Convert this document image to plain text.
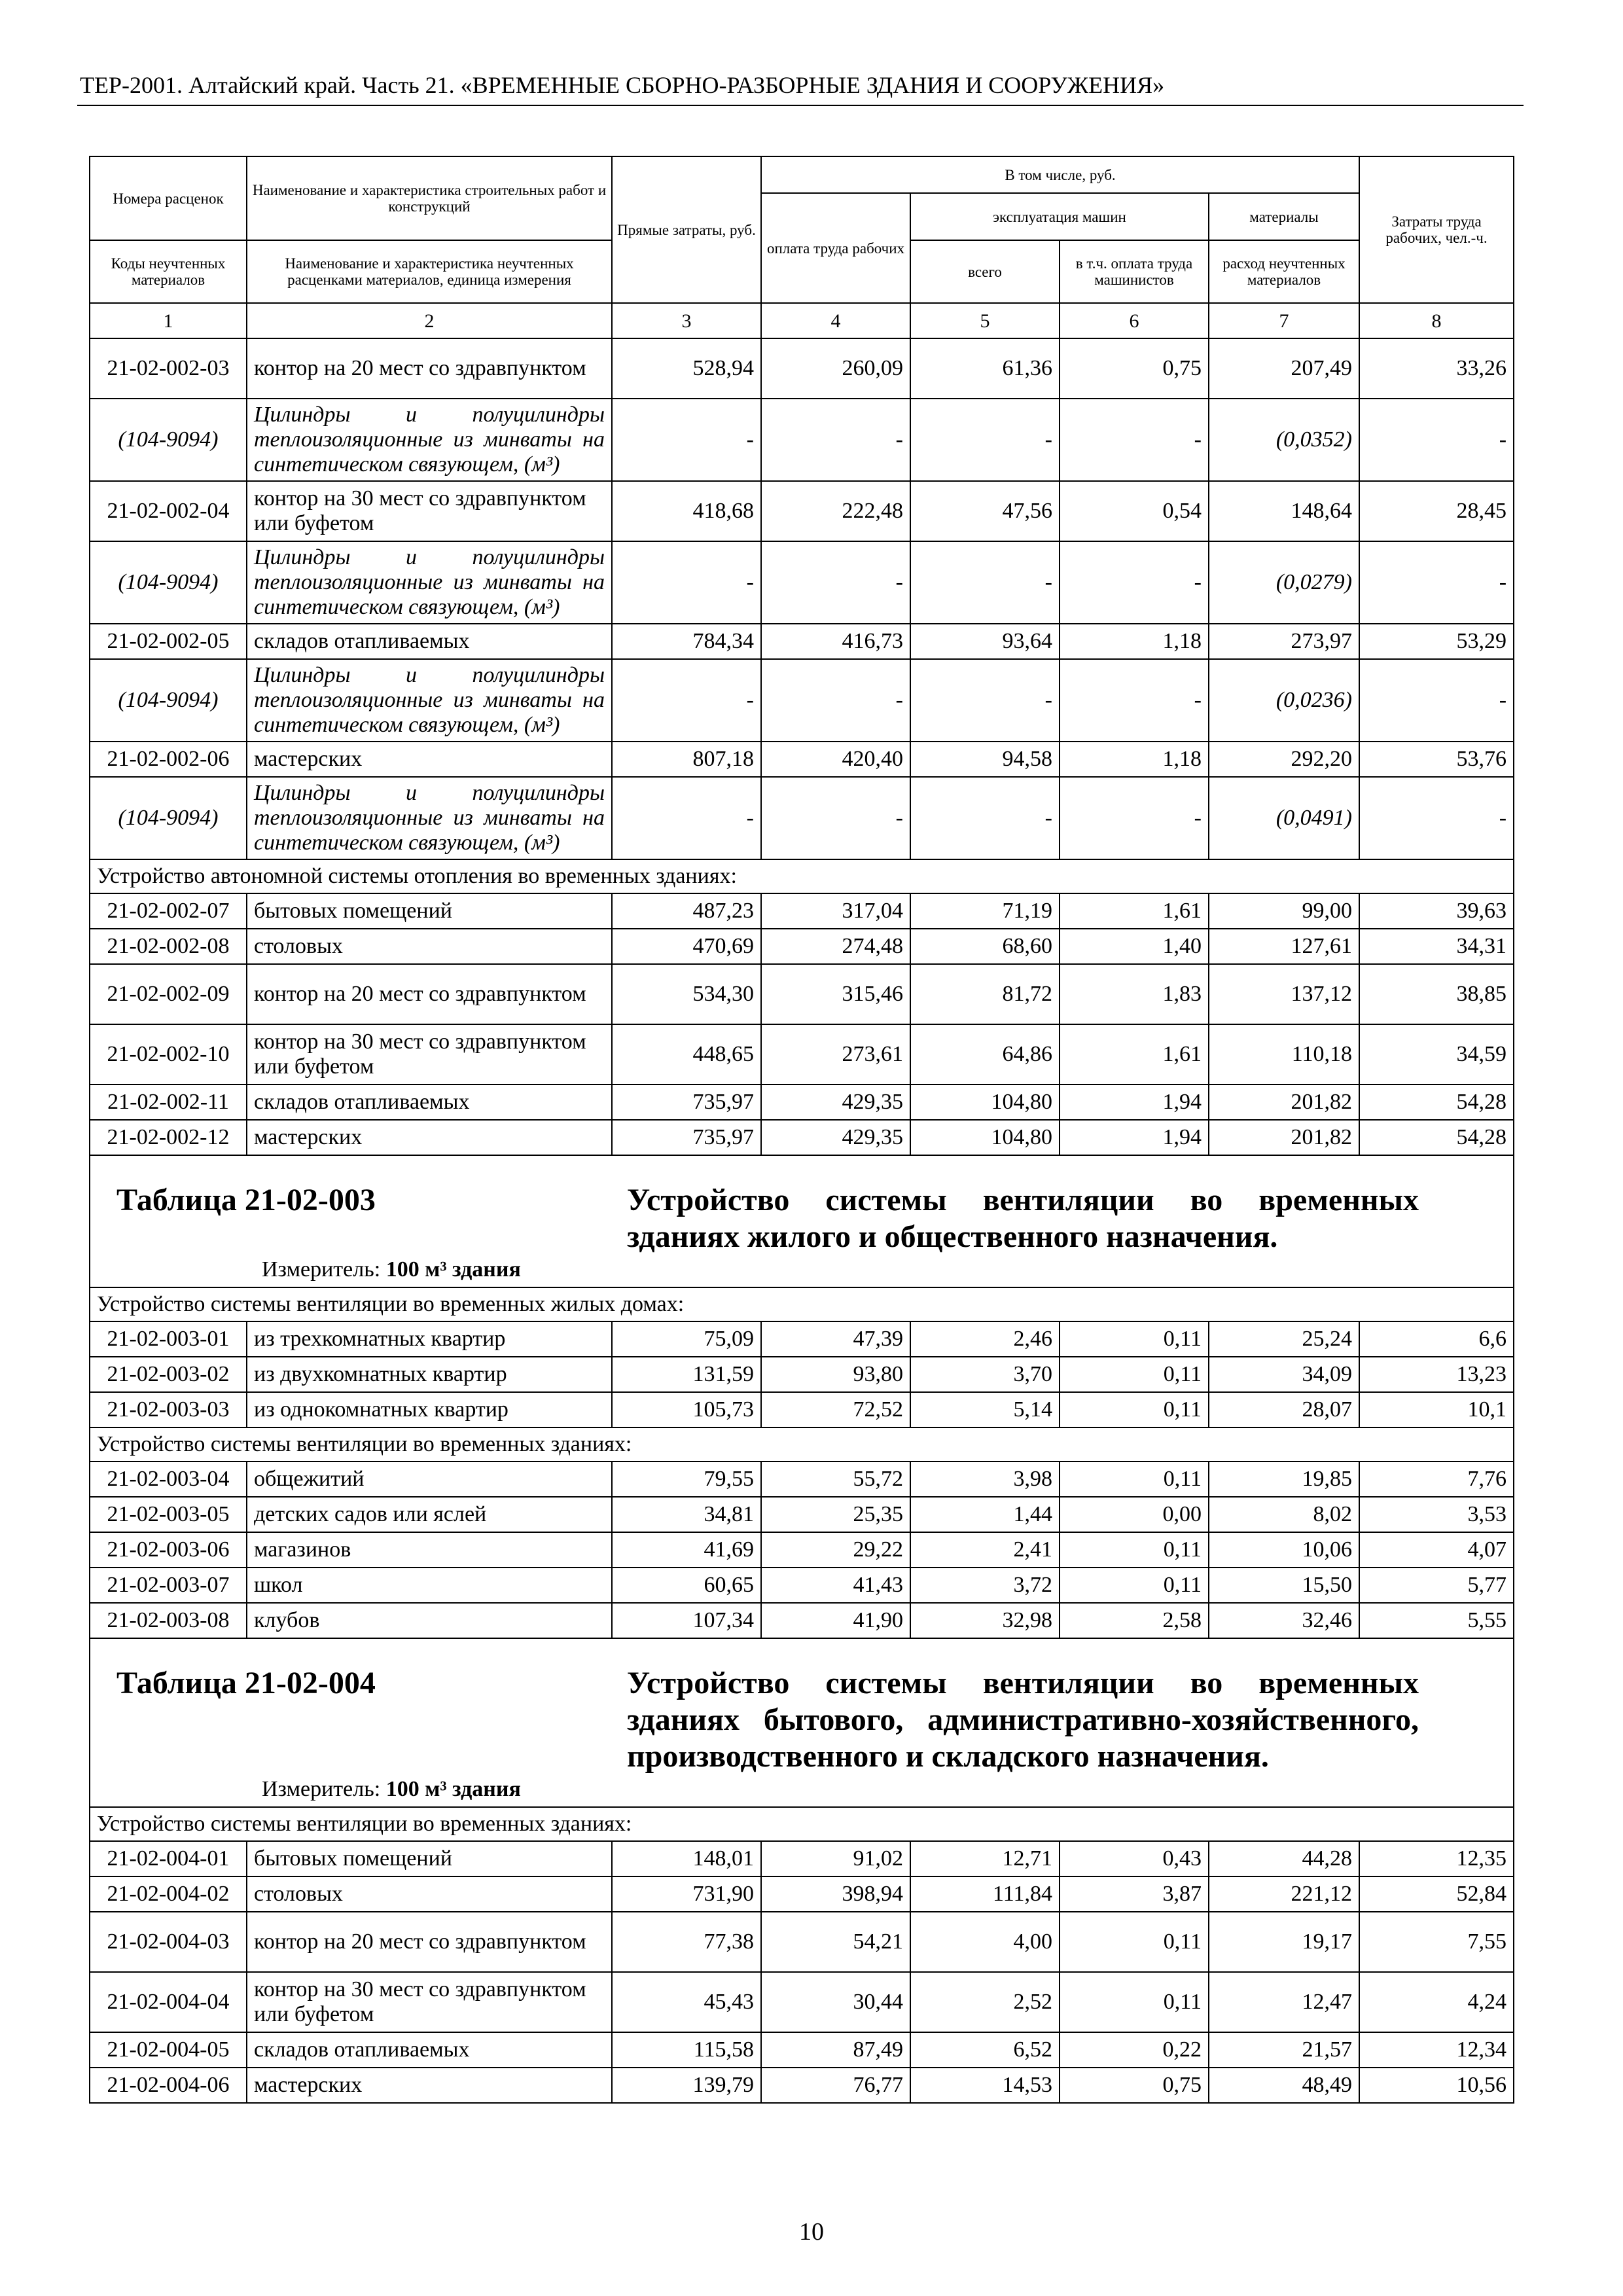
ТЕР-2001. Алтайский край. Часть 21. «ВРЕМЕННЫЕ СБОРНО-РАЗБОРНЫЕ ЗДАНИЯ И СООРУЖЕНИЯ»
Номера расценок	Наименование и характеристика строительных работ и конструкций	Прямые затраты, руб.	В том числе, руб.				Затраты труда рабочих, чел.-ч.
			оплата труда рабочих	эксплуатация машин		материалы	
Коды неучтенных материалов	Наименование и характеристика неучтенных расценками материалов, единица измерения			всего	в т.ч. оплата труда машинистов	расход неучтенных материалов	
1	2	3	4	5	6	7	8
21-02-002-03	контор на 20 мест со здравпунктом	528,94	260,09	61,36	0,75	207,49	33,26
(104-9094)	Цилиндры и полуцилиндры теплоизоляционные из минваты на синтетическом связующем, (м³)	-	-	-	-	(0,0352)	-
21-02-002-04	контор на 30 мест со здравпунктом или буфетом	418,68	222,48	47,56	0,54	148,64	28,45
(104-9094)	Цилиндры и полуцилиндры теплоизоляционные из минваты на синтетическом связующем, (м³)	-	-	-	-	(0,0279)	-
21-02-002-05	складов отапливаемых	784,34	416,73	93,64	1,18	273,97	53,29
(104-9094)	Цилиндры и полуцилиндры теплоизоляционные из минваты на синтетическом связующем, (м³)	-	-	-	-	(0,0236)	-
21-02-002-06	мастерских	807,18	420,40	94,58	1,18	292,20	53,76
(104-9094)	Цилиндры и полуцилиндры теплоизоляционные из минваты на синтетическом связующем, (м³)	-	-	-	-	(0,0491)	-
Устройство автономной системы отопления во временных зданиях:							
21-02-002-07	бытовых помещений	487,23	317,04	71,19	1,61	99,00	39,63
21-02-002-08	столовых	470,69	274,48	68,60	1,40	127,61	34,31
21-02-002-09	контор на 20 мест со здравпунктом	534,30	315,46	81,72	1,83	137,12	38,85
21-02-002-10	контор на 30 мест со здравпунктом или буфетом	448,65	273,61	64,86	1,61	110,18	34,59
21-02-002-11	складов отапливаемых	735,97	429,35	104,80	1,94	201,82	54,28
21-02-002-12	мастерских	735,97	429,35	104,80	1,94	201,82	54,28

Таблица 21-02-003 Устройство системы вентиляции во временных зданиях жилого и общественного назначения.
Измеритель: 100 м³ здания							

Устройство системы вентиляции во временных жилых домах:							
21-02-003-01	из трехкомнатных квартир	75,09	47,39	2,46	0,11	25,24	6,6
21-02-003-02	из двухкомнатных квартир	131,59	93,80	3,70	0,11	34,09	13,23
21-02-003-03	из однокомнатных квартир	105,73	72,52	5,14	0,11	28,07	10,1
Устройство системы вентиляции во временных зданиях:							
21-02-003-04	общежитий	79,55	55,72	3,98	0,11	19,85	7,76
21-02-003-05	детских садов или яслей	34,81	25,35	1,44	0,00	8,02	3,53
21-02-003-06	магазинов	41,69	29,22	2,41	0,11	10,06	4,07
21-02-003-07	школ	60,65	41,43	3,72	0,11	15,50	5,77
21-02-003-08	клубов	107,34	41,90	32,98	2,58	32,46	5,55

Таблица 21-02-004 Устройство системы вентиляции во временных зданиях бытового, административно-хозяйственного, производственного и складского назначения.
Измеритель: 100 м³ здания							

Устройство системы вентиляции во временных зданиях:							
21-02-004-01	бытовых помещений	148,01	91,02	12,71	0,43	44,28	12,35
21-02-004-02	столовых	731,90	398,94	111,84	3,87	221,12	52,84
21-02-004-03	контор на 20 мест со здравпунктом	77,38	54,21	4,00	0,11	19,17	7,55
21-02-004-04	контор на 30 мест со здравпунктом или буфетом	45,43	30,44	2,52	0,11	12,47	4,24
21-02-004-05	складов отапливаемых	115,58	87,49	6,52	0,22	21,57	12,34
21-02-004-06	мастерских	139,79	76,77	14,53	0,75	48,49	10,56
10
